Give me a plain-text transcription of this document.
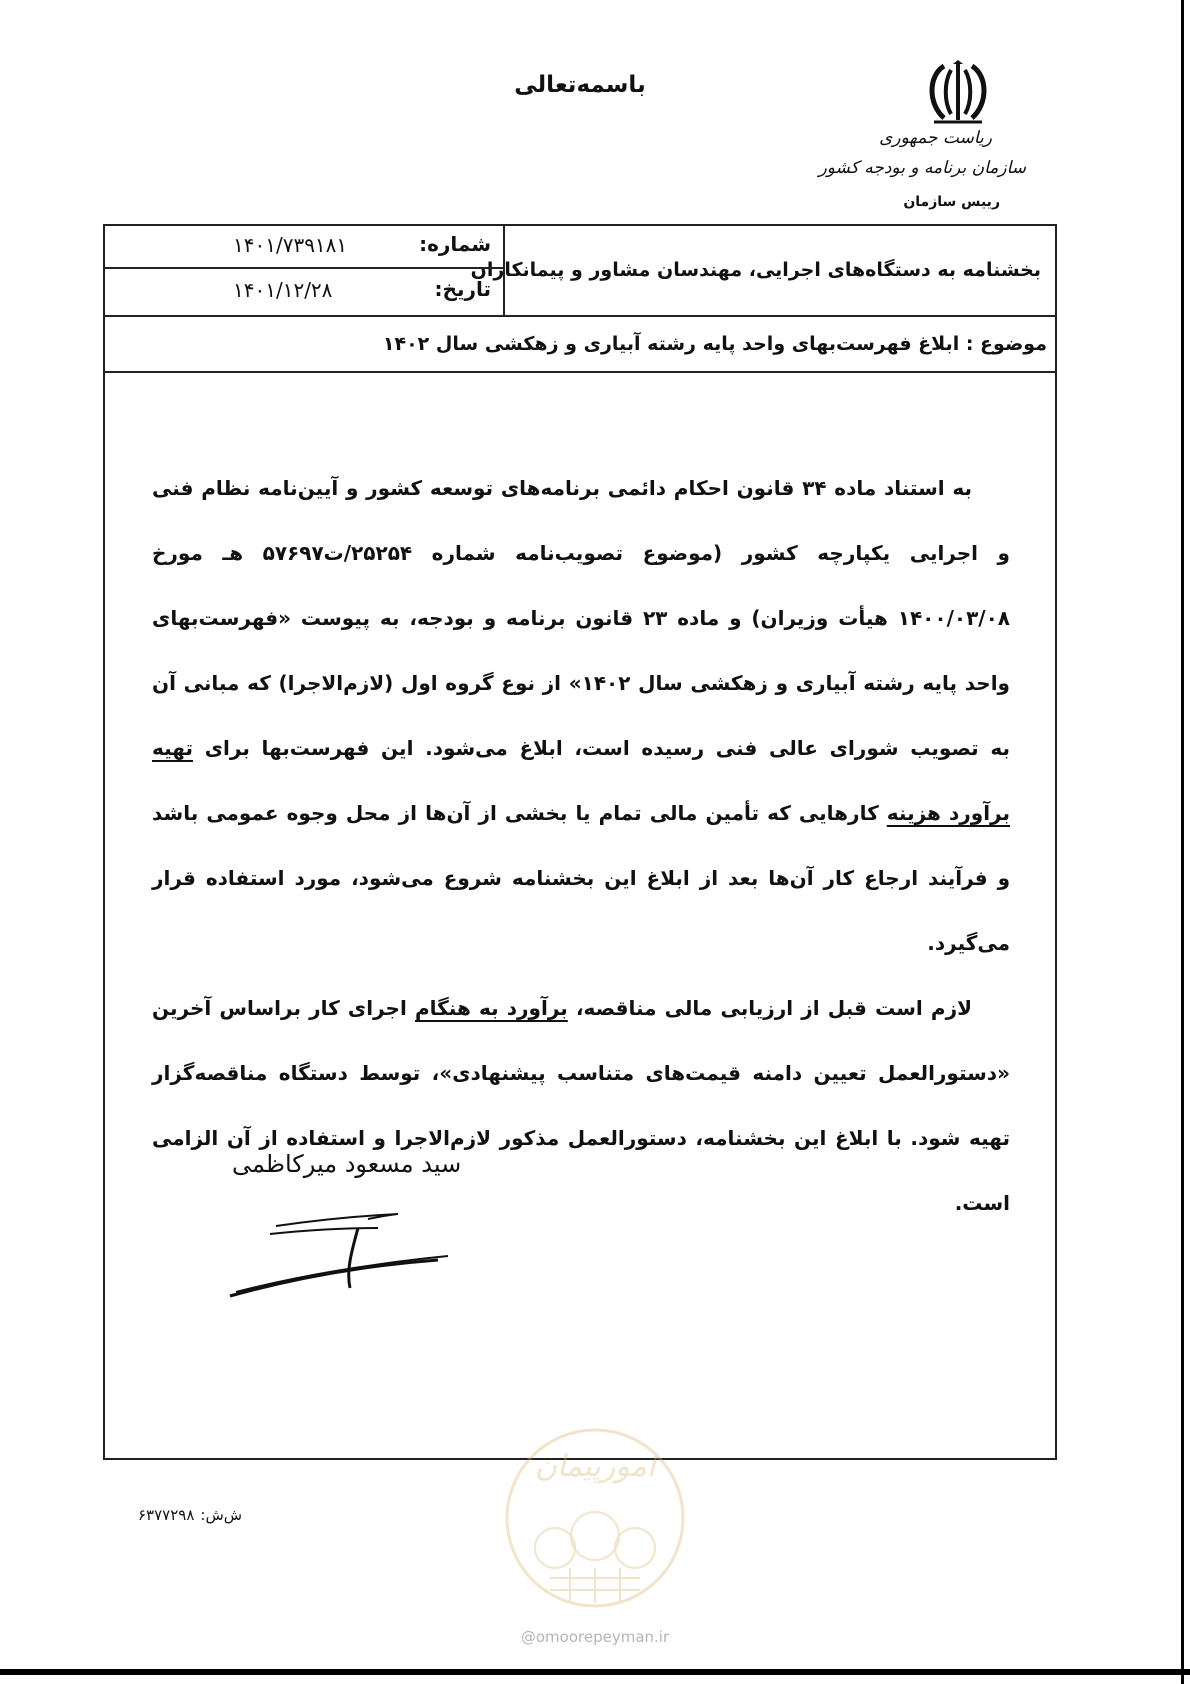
باسمه‌تعالی
ریاست جمهوری
سازمان برنامه و بودجه کشور
رییس سازمان
بخشنامه به دستگاه‌های اجرایی، مهندسان مشاور و پیمانکاران
شماره:
۱۴۰۱/۷۳۹۱۸۱
تاریخ:
۱۴۰۱/۱۲/۲۸
موضوع : ابلاغ فهرست‌بهای واحد پایه رشته آبیاری و زهکشی سال ۱۴۰۲

به استناد ماده ۳۴ قانون احکام دائمی برنامه‌های توسعه کشور و آیین‌نامه نظام فنی و اجرایی یکپارچه کشور (موضوع تصویب‌نامه شماره ۲۵۲۵۴/ت۵۷۶۹۷ هـ مورخ ۱۴۰۰/۰۳/۰۸ هیأت وزیران) و ماده ۲۳ قانون برنامه و بودجه، به پیوست «فهرست‌بهای واحد پایه رشته آبیاری و زهکشی سال ۱۴۰۲» از نوع گروه اول (لازم‌الاجرا) که مبانی آن به تصویب شورای عالی فنی رسیده است، ابلاغ می‌شود. این فهرست‌بها برای تهیه برآورد هزینه کارهایی که تأمین مالی تمام یا بخشی از آن‌ها از محل وجوه عمومی باشد و فرآیند ارجاع کار آن‌ها بعد از ابلاغ این بخشنامه شروع می‌شود، مورد استفاده قرار می‌گیرد.

لازم است قبل از ارزیابی مالی مناقصه، برآورد به هنگام اجرای کار براساس آخرین «دستورالعمل تعیین دامنه قیمت‌های متناسب پیشنهادی»، توسط دستگاه مناقصه‌گزار تهیه شود. با ابلاغ این بخشنامه، دستورالعمل مذکور لازم‌الاجرا و استفاده از آن الزامی است.

سید مسعود میرکاظمی
امورپیمان
@omoorepeyman.ir
ش‌ش:
۶۳۷۷۲۹۸
